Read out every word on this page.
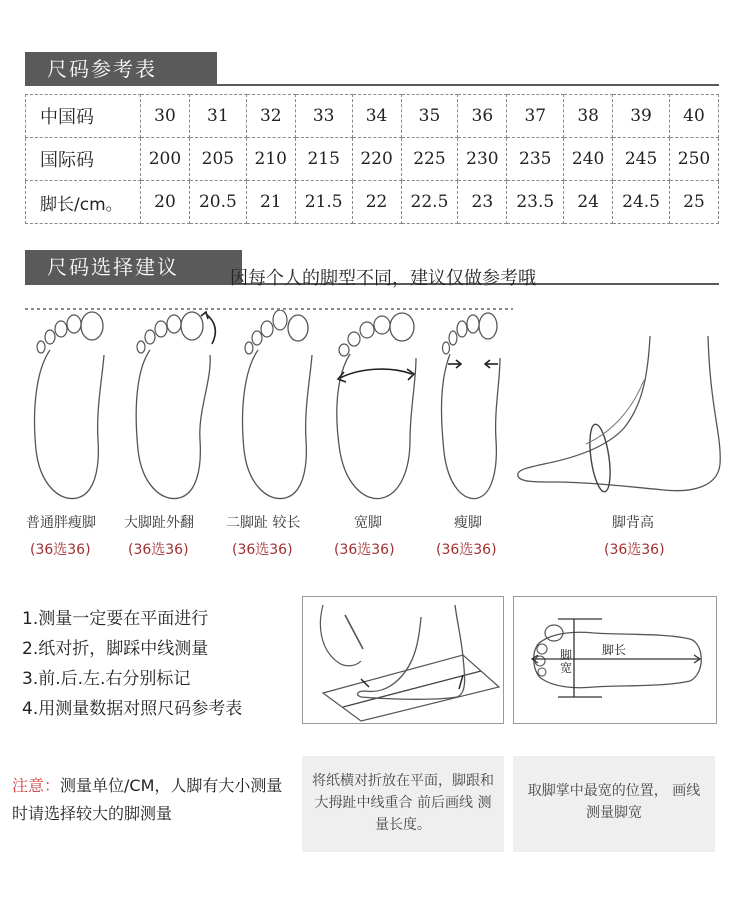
尺码参考表
中国码	30	31	32	33	34	35	36	37	38	39	40
国际码	200	205	210	215	220	225	230	235	240	245	250
脚长/cm。	20	20.5	21	21.5	22	22.5	23	23.5	24	24.5	25
尺码选择建议	因每个人的脚型不同，建议仅做参考哦
普通胖瘦脚
(36选36)
大脚趾外翻
(36选36)
二脚趾 较长
(36选36)
宽脚
(36选36)
瘦脚
(36选36)
脚背高
(36选36)
1.测量一定要在平面进行
2.纸对折，脚踩中线测量
3.前.后.左.右分别标记
4.用测量数据对照尺码参考表
脚长
脚宽
注意：测量单位/CM，人脚有大小测量时请选择较大的脚测量
将纸横对折放在平面，脚跟和大拇趾中线重合 前后画线 测量长度。
取脚掌中最宽的位置， 画线测量脚宽
